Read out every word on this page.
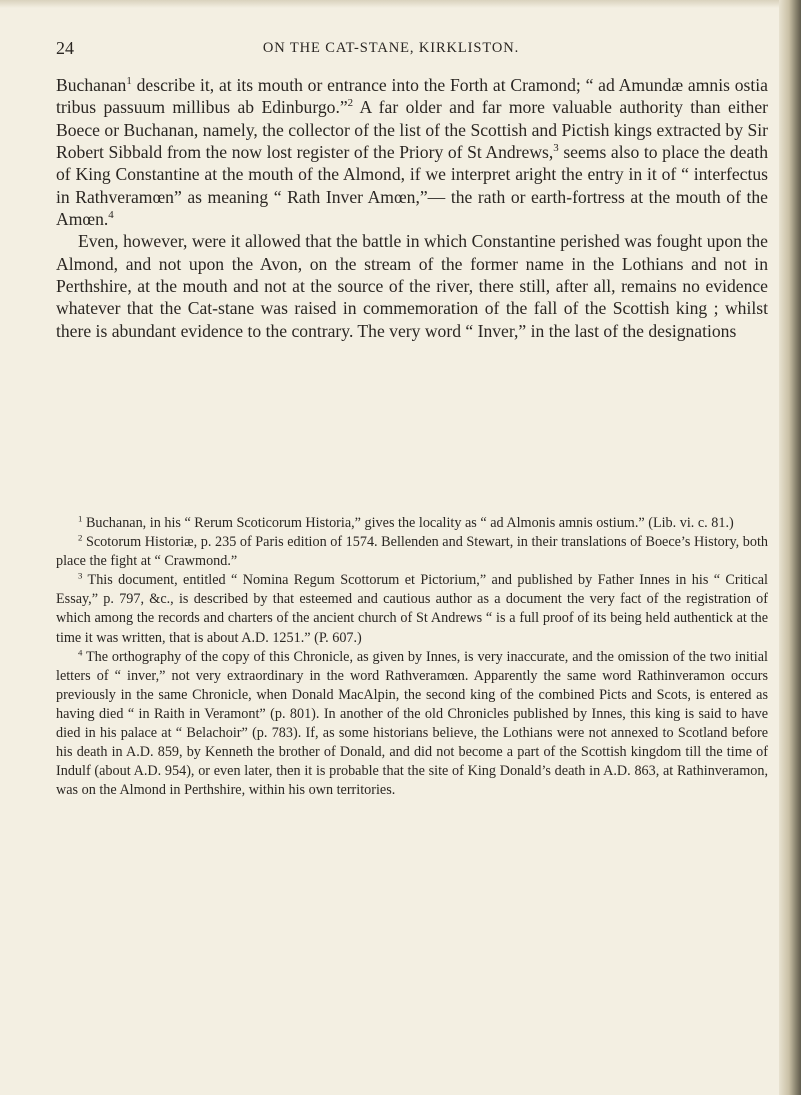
24	ON THE CAT-STANE, KIRKLISTON.

Buchanan$^1$ describe it, at its mouth or entrance into the Forth at Cramond; “ ad Amundæ amnis ostia tribus passuum millibus ab Edinburgo.”$^2$ A far older and far more valuable authority than either Boece or Buchanan, namely, the collector of the list of the Scottish and Pictish kings extracted by Sir Robert Sibbald from the now lost register of the Priory of St Andrews,$^3$ seems also to place the death of King Constantine at the mouth of the Almond, if we interpret aright the entry in it of “ interfectus in Rathveramœn” as meaning “ Rath Inver Amœn,”— the rath or earth-fortress at the mouth of the Amœn.$^4$

Even, however, were it allowed that the battle in which Constantine perished was fought upon the Almond, and not upon the Avon, on the stream of the former name in the Lothians and not in Perthshire, at the mouth and not at the source of the river, there still, after all, remains no evidence whatever that the Cat-stane was raised in commemoration of the fall of the Scottish king ; whilst there is abundant evidence to the contrary. The very word “ Inver,” in the last of the designations

$^1$ Buchanan, in his “ Rerum Scoticorum Historia,” gives the locality as “ ad Almonis amnis ostium.” (Lib. vi. c. 81.)

$^2$ Scotorum Historiæ, p. 235 of Paris edition of 1574. Bellenden and Stewart, in their translations of Boece’s History, both place the fight at “ Crawmond.”

$^3$ This document, entitled “ Nomina Regum Scottorum et Pictorium,” and published by Father Innes in his “ Critical Essay,” p. 797, &c., is described by that esteemed and cautious author as a document the very fact of the registration of which among the records and charters of the ancient church of St Andrews “ is a full proof of its being held authentick at the time it was written, that is about A.D. 1251.” (P. 607.)

$^4$ The orthography of the copy of this Chronicle, as given by Innes, is very inaccurate, and the omission of the two initial letters of “ inver,” not very extraordinary in the word Rathveramœn. Apparently the same word Rathinveramon occurs previously in the same Chronicle, when Donald MacAlpin, the second king of the combined Picts and Scots, is entered as having died “ in Raith in Veramont” (p. 801). In another of the old Chronicles published by Innes, this king is said to have died in his palace at “ Belachoir” (p. 783). If, as some historians believe, the Lothians were not annexed to Scotland before his death in A.D. 859, by Kenneth the brother of Donald, and did not become a part of the Scottish kingdom till the time of Indulf (about A.D. 954), or even later, then it is probable that the site of King Donald’s death in A.D. 863, at Rathinveramon, was on the Almond in Perthshire, within his own territories.
